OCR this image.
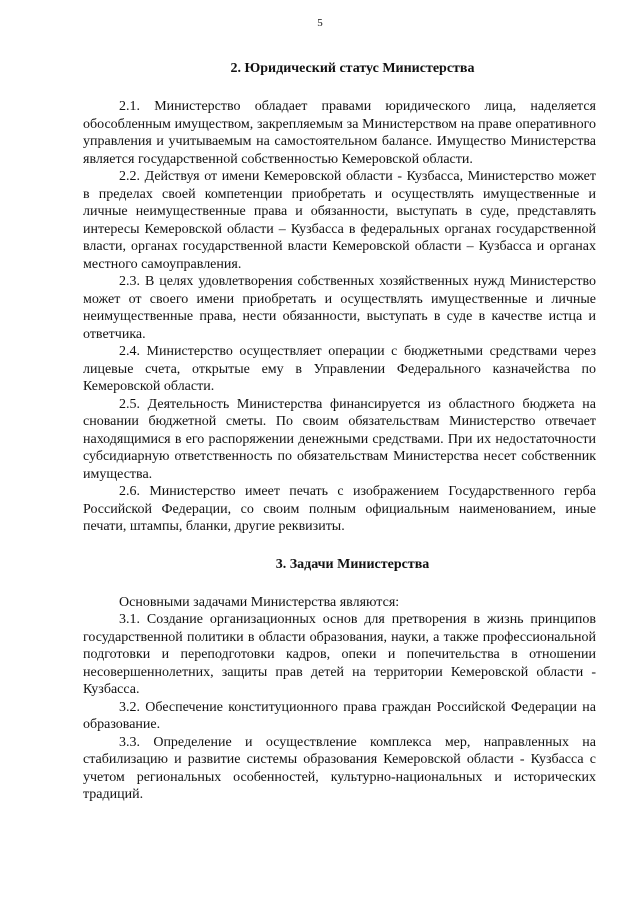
5
2. Юридический статус Министерства

2.1. Министерство обладает правами юридического лица, наделяется обособленным имуществом, закрепляемым за Министерством на праве оперативного управления и учитываемым на самостоятельном балансе. Имущество Министерства является государственной собственностью Кемеровской области.

2.2. Действуя от имени Кемеровской области - Кузбасса, Министерство может в пределах своей компетенции приобретать и осуществлять имущественные и личные неимущественные права и обязанности, выступать в суде, представлять интересы Кемеровской области – Кузбасса в федеральных органах государственной власти, органах государственной власти Кемеровской области – Кузбасса и органах местного самоуправления.

2.3. В целях удовлетворения собственных хозяйственных нужд Министерство может от своего имени приобретать и осуществлять имущественные и личные неимущественные права, нести обязанности, выступать в суде в качестве истца и ответчика.

2.4. Министерство осуществляет операции с бюджетными средствами через лицевые счета, открытые ему в Управлении Федерального казначейства по Кемеровской области.

2.5. Деятельность Министерства финансируется из областного бюджета на сновании бюджетной сметы. По своим обязательствам Министерство отвечает находящимися в его распоряжении денежными средствами. При их недостаточности субсидиарную ответственность по обязательствам Министерства несет собственник имущества.

2.6. Министерство имеет печать с изображением Государственного герба Российской Федерации, со своим полным официальным наименованием, иные печати, штампы, бланки, другие реквизиты.

3. Задачи Министерства

Основными задачами Министерства являются:

3.1. Создание организационных основ для претворения в жизнь принципов государственной политики в области образования, науки, а также профессиональной подготовки и переподготовки кадров, опеки и попечительства в отношении несовершеннолетних, защиты прав детей на территории Кемеровской области - Кузбасса.

3.2. Обеспечение конституционного права граждан Российской Федерации на образование.

3.3. Определение и осуществление комплекса мер, направленных на стабилизацию и развитие системы образования Кемеровской области - Кузбасса с учетом региональных особенностей, культурно-национальных и исторических традиций.
